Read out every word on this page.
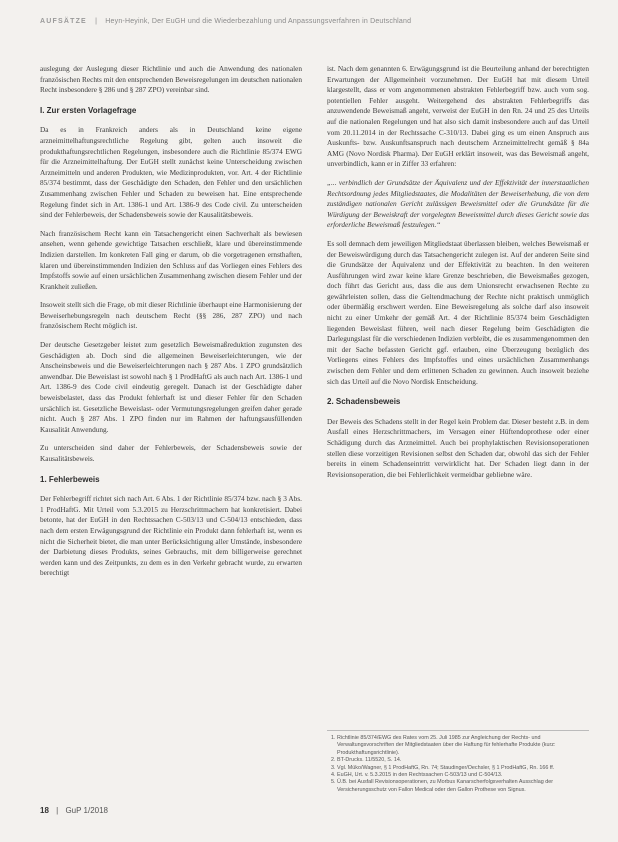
AUFSÄTZE | Heyn-Heyink, Der EuGH und die Wiederbezahlung und Anpassungsverfahren in Deutschland

auslegung der Auslegung dieser Richtlinie und auch die Anwendung des nationalen französischen Rechts mit den entsprechenden Beweisregelungen im deutschen nationalen Recht insbesondere § 286 und § 287 ZPO) vereinbar sind.

I. Zur ersten Vorlagefrage

Da es in Frankreich anders als in Deutschland keine eigene arzneimittelhaftungsrechtliche Regelung gibt, gelten auch insoweit die produkthaftungsrechtlichen Regelungen, insbesondere auch die Richtlinie 85/374 EWG für die Arzneimittelhaftung. Der EuGH stellt zunächst keine Unterscheidung zwischen Arzneimitteln und anderen Produkten, wie Medizinprodukten, vor. Art. 4 der Richtlinie 85/374 bestimmt, dass der Geschädigte den Schaden, den Fehler und den ursächlichen Zusammenhang zwischen Fehler und Schaden zu beweisen hat. Eine entsprechende Regelung findet sich in Art. 1386-1 und Art. 1386-9 des Code civil. Zu unterscheiden sind der Fehlerbeweis, der Schadensbeweis sowie der Kausalitätsbeweis.

Nach französischem Recht kann ein Tatsachengericht einen Sachverhalt als bewiesen ansehen, wenn gehende gewichtige Tatsachen erschließt, klare und übereinstimmende Indizien darstellen. Im konkreten Fall ging er darum, ob die vorgetragenen ernsthaften, klaren und übereinstimmenden Indizien den Schluss auf das Vorliegen eines Fehlers des Impfstoffs sowie auf einen ursächlichen Zusammenhang zwischen diesem Fehler und der Krankheit zuließen.

Insoweit stellt sich die Frage, ob mit dieser Richtlinie überhaupt eine Harmonisierung der Beweiserhebungsregeln nach deutschem Recht (§§ 286, 287 ZPO) und nach französischem Recht möglich ist.

Der deutsche Gesetzgeber leistet zum gesetzlich Beweismaßreduktion zugunsten des Geschädigten ab. Doch sind die allgemeinen Beweiserleichterungen, wie der Anscheinsbeweis und die Beweiserleichterungen nach § 287 Abs. 1 ZPO grundsätzlich anwendbar. Die Beweislast ist sowohl nach § 1 ProdHaftG als auch nach Art. 1386-1 und Art. 1386-9 des Code civil eindeutig geregelt. Danach ist der Geschädigte daher beweisbelastet, dass das Produkt fehlerhaft ist und dieser Fehler für den Schaden ursächlich ist. Gesetzliche Beweislast- oder Vermutungsregelungen greifen daher gerade nicht. Auch § 287 Abs. 1 ZPO finden nur im Rahmen der haftungsausfüllenden Kausalität Anwendung.

Zu unterscheiden sind daher der Fehlerbeweis, der Schadensbeweis sowie der Kausalitätsbeweis.

1. Fehlerbeweis

Der Fehlerbegriff richtet sich nach Art. 6 Abs. 1 der Richtlinie 85/374 bzw. nach § 3 Abs. 1 ProdHaftG. Mit Urteil vom 5.3.2015 zu Herzschrittmachern hat konkretisiert. Dabei betonte, hat der EuGH in den Rechtssachen C-503/13 und C-504/13 entschieden, dass nach dem ersten Erwägungsgrund der Richtlinie ein Produkt dann fehlerhaft ist, wenn es nicht die Sicherheit bietet, die man unter Berücksichtigung aller Umstände, insbesondere der Darbietung dieses Produkts, seines Gebrauchs, mit dem billigerweise gerechnet werden kann und des Zeitpunkts, zu dem es in den Verkehr gebracht wurde, zu erwarten berechtigt

ist. Nach dem genannten 6. Erwägungsgrund ist die Beurteilung anhand der berechtigten Erwartungen der Allgemeinheit vorzunehmen. Der EuGH hat mit diesem Urteil klargestellt, dass er vom angenommenen abstrakten Fehlerbegriff bzw. auch vom sog. potentiellen Fehler ausgeht. Weitergehend des abstrakten Fehlerbegriffs das anzuwendende Beweismaß angeht, verweist der EuGH in den Rn. 24 und 25 des Urteils auf die nationalen Regelungen und hat also sich damit insbesondere auch auf das Urteil vom 20.11.2014 in der Rechtssache C-310/13. Dabei ging es um einen Anspruch aus Auskunfts- bzw. Auskunftsanspruch nach deutschem Arzneimittelrecht gemäß § 84a AMG (Novo Nordisk Pharma). Der EuGH erklärt insoweit, was das Beweismaß angeht, unverbindlich, kann er in Ziffer 33 erfahren:

„... verbindlich der Grundsätze der Äquivalenz und der Effektivität der innerstaatlichen Rechtsordnung jedes Mitgliedstaates, die Modalitäten der Beweiserhebung, die von dem zuständigen nationalen Gericht zulässigen Beweismittel oder die Grundsätze für die Würdigung der Beweiskraft der vorgelegten Beweismittel durch dieses Gericht sowie das erforderliche Beweismaß festzulegen.“

Es soll demnach dem jeweiligen Mitgliedstaat überlassen bleiben, welches Beweismaß er der Beweiswürdigung durch das Tatsachengericht zulegen ist. Auf der anderen Seite sind die Grundsätze der Äquivalenz und der Effektivität zu beachten. In den weiteren Ausführungen wird zwar keine klare Grenze beschrieben, die Beweismaßes gezogen, doch führt das Gericht aus, dass die aus dem Unionsrecht erwachsenen Rechte zu gewährleisten sollen, dass die Geltendmachung der Rechte nicht praktisch unmöglich oder übermäßig erschwert werden. Eine Beweisregelung als solche darf also insoweit nicht zu einer Umkehr der gemäß Art. 4 der Richtlinie 85/374 beim Geschädigten liegenden Beweislast führen, weil nach dieser Regelung beim Geschädigten die Darlegungslast für die verschiedenen Indizien verbleibt, die es zusammengenommen den mit der Sache befassten Gericht ggf. erlauben, eine Überzeugung bezüglich des Vorliegens eines Fehlers des Impfstoffes und eines ursächlichen Zusammenhangs zwischen dem Fehler und dem erlittenen Schaden zu gewinnen. Auch insoweit beziehe sich das Urteil auf die Novo Nordisk Entscheidung.

2. Schadensbeweis

Der Beweis des Schadens stellt in der Regel kein Problem dar. Dieser besteht z.B. in dem Ausfall eines Herzschrittmachers, im Versagen einer Hüftendoprothese oder einer Schädigung durch das Arzneimittel. Auch bei prophylaktischen Revisionsoperationen stellen diese vorzeitigen Revisionen selbst den Schaden dar, obwohl das sich der Fehler bereits in einem Schadenseintritt verwirklicht hat. Der Schaden liegt dann in der Revisionsoperation, die bei Fehlerlichkeit vermeidbar gebliebne wäre.

1. Richtlinie 85/374/EWG des Rates vom 25. Juli 1985 zur Angleichung der Rechts- und Verwaltungsvorschriften der Mitgliedstaaten über die Haftung für fehlerhafte Produkte (kurz: Produkthaftungsrichtlinie).
2. BT-Drucks. 11/5520, S. 14.
3. Vgl. Müko/Wagner, § 1 ProdHaftG, Rn. 74; Staudinger/Oechsler, § 1 ProdHaftG, Rn. 166 ff.
4. EuGH, Urt. v. 5.3.2015 in den Rechtssachen C-503/13 und C-504/13.
5. Ü.B. bei Ausfall Revisionsoperationen, zu Morbus Kanarscherfolgsverhalten Ausschlag der Versicherungsschutz von Fallon Medical oder den Gallon Prothese von Signus.
18 | GuP 1/2018
